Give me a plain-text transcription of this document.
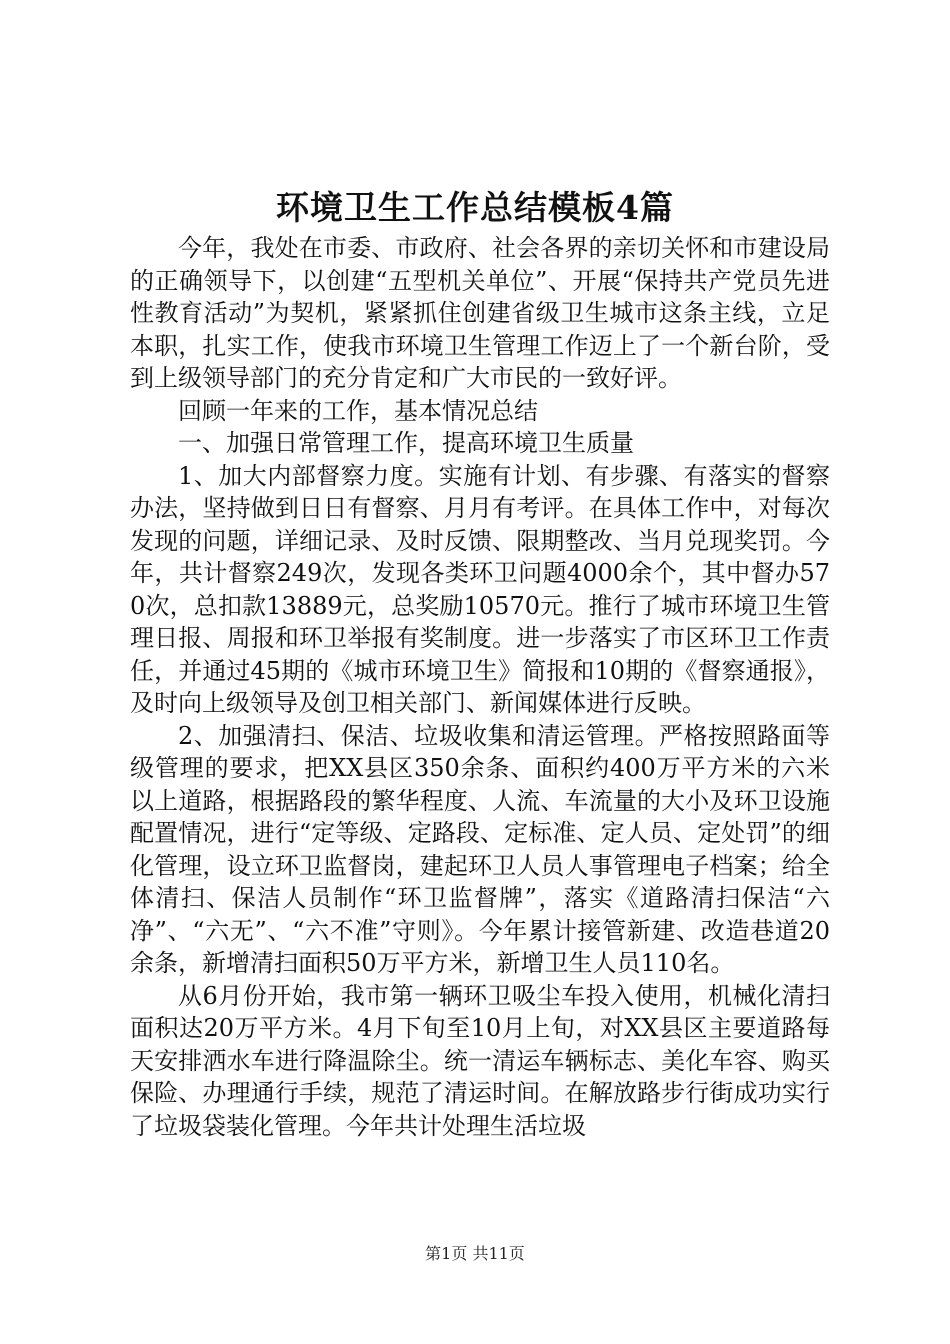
环境卫生工作总结模板4篇

今年，我处在市委、市政府、社会各界的亲切关怀和市建设局的正确领导下，以创建“五型机关单位”、开展“保持共产党员先进性教育活动”为契机，紧紧抓住创建省级卫生城市这条主线，立足本职，扎实工作，使我市环境卫生管理工作迈上了一个新台阶，受到上级领导部门的充分肯定和广大市民的一致好评。

回顾一年来的工作，基本情况总结

一、加强日常管理工作，提高环境卫生质量

1、加大内部督察力度。实施有计划、有步骤、有落实的督察办法，坚持做到日日有督察、月月有考评。在具体工作中，对每次发现的问题，详细记录、及时反馈、限期整改、当月兑现奖罚。今年，共计督察249次，发现各类环卫问题4000余个，其中督办570次，总扣款13889元，总奖励10570元。推行了城市环境卫生管理日报、周报和环卫举报有奖制度。进一步落实了市区环卫工作责任，并通过45期的《城市环境卫生》简报和10期的《督察通报》，及时向上级领导及创卫相关部门、新闻媒体进行反映。

2、加强清扫、保洁、垃圾收集和清运管理。严格按照路面等级管理的要求，把XX县区350余条、面积约400万平方米的六米以上道路，根据路段的繁华程度、人流、车流量的大小及环卫设施配置情况，进行“定等级、定路段、定标准、定人员、定处罚”的细化管理，设立环卫监督岗，建起环卫人员人事管理电子档案；给全体清扫、保洁人员制作“环卫监督牌”，落实《道路清扫保洁“六净”、“六无”、“六不准”守则》。今年累计接管新建、改造巷道20余条，新增清扫面积50万平方米，新增卫生人员110名。

从6月份开始，我市第一辆环卫吸尘车投入使用，机械化清扫面积达20万平方米。4月下旬至10月上旬，对XX县区主要道路每天安排洒水车进行降温除尘。统一清运车辆标志、美化车容、购买保险、办理通行手续，规范了清运时间。在解放路步行街成功实行了垃圾袋装化管理。今年共计处理生活垃圾

第1页 共11页
